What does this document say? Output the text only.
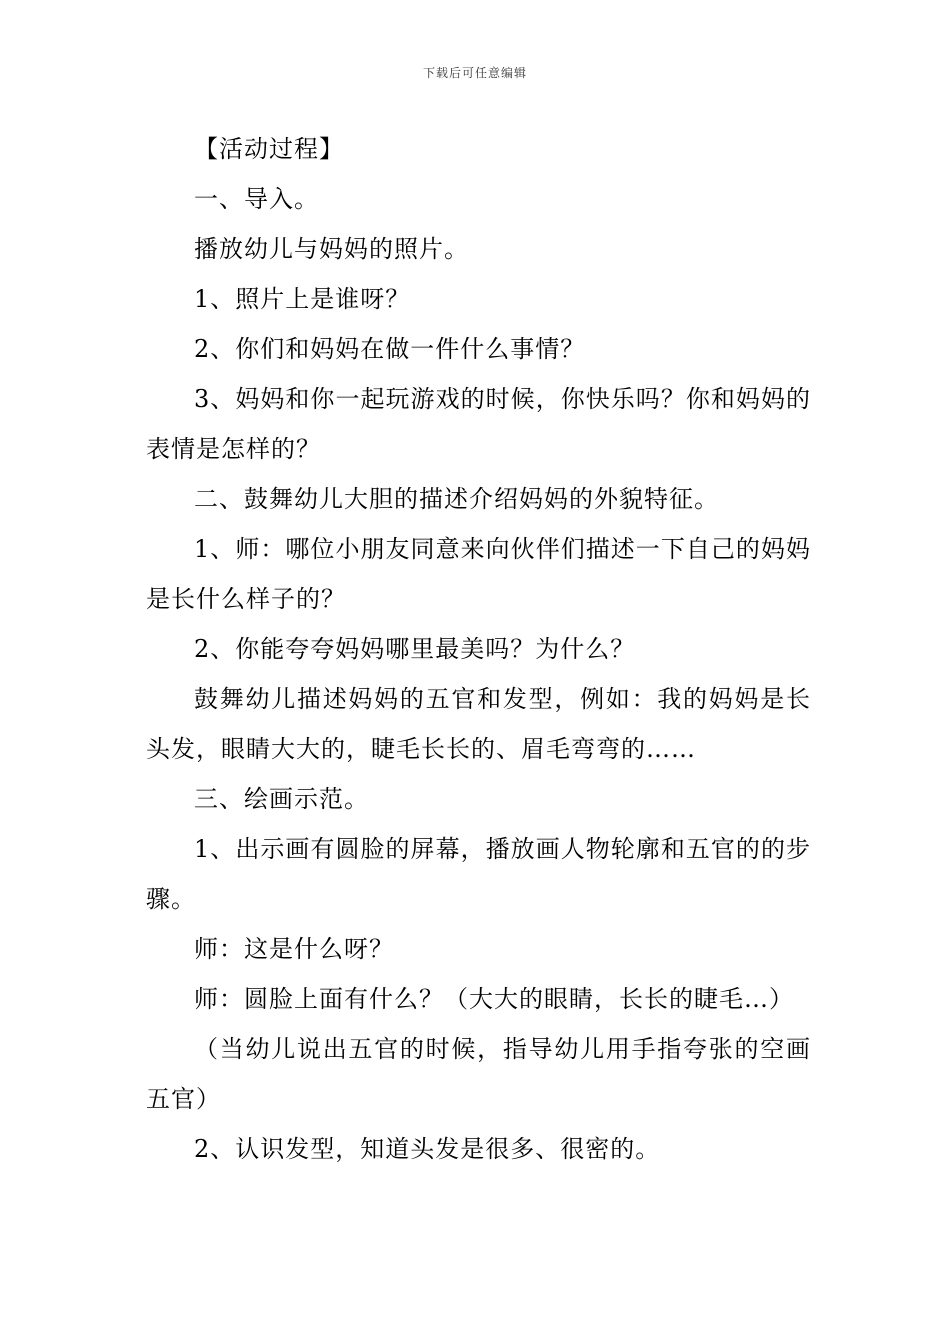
下载后可任意编辑

【活动过程】

一、导入。

播放幼儿与妈妈的照片。

1、照片上是谁呀？

2、你们和妈妈在做一件什么事情？

3、妈妈和你一起玩游戏的时候，你快乐吗？你和妈妈的表情是怎样的？

二、鼓舞幼儿大胆的描述介绍妈妈的外貌特征。

1、师：哪位小朋友同意来向伙伴们描述一下自己的妈妈是长什么样子的？

2、你能夸夸妈妈哪里最美吗？为什么？

鼓舞幼儿描述妈妈的五官和发型，例如：我的妈妈是长头发，眼睛大大的，睫毛长长的、眉毛弯弯的……

三、绘画示范。

1、出示画有圆脸的屏幕，播放画人物轮廓和五官的的步骤。

师：这是什么呀？

师：圆脸上面有什么？（大大的眼睛，长长的睫毛…）

（当幼儿说出五官的时候，指导幼儿用手指夸张的空画五官）

2、认识发型，知道头发是很多、很密的。
